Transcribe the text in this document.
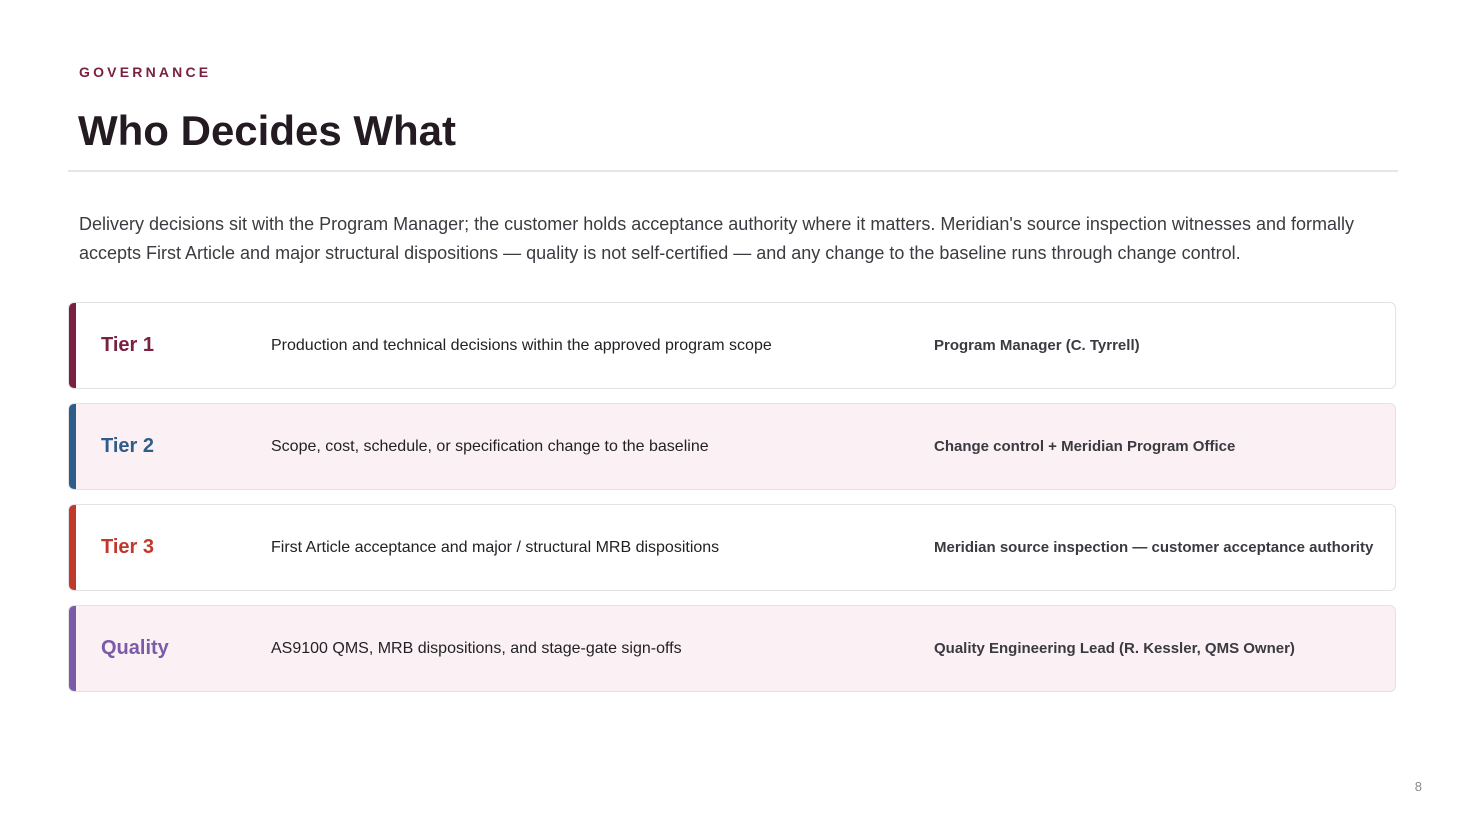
GOVERNANCE
Who Decides What

Delivery decisions sit with the Program Manager; the customer holds acceptance authority where it matters. Meridian's source inspection witnesses and formally accepts First Article and major structural dispositions — quality is not self-certified — and any change to the baseline runs through change control.

Tier 1	Production and technical decisions within the approved program scope	Program Manager (C. Tyrrell)
Tier 2	Scope, cost, schedule, or specification change to the baseline	Change control + Meridian Program Office
Tier 3	First Article acceptance and major / structural MRB dispositions	Meridian source inspection — customer acceptance authority
Quality	AS9100 QMS, MRB dispositions, and stage-gate sign-offs	Quality Engineering Lead (R. Kessler, QMS Owner)
8
